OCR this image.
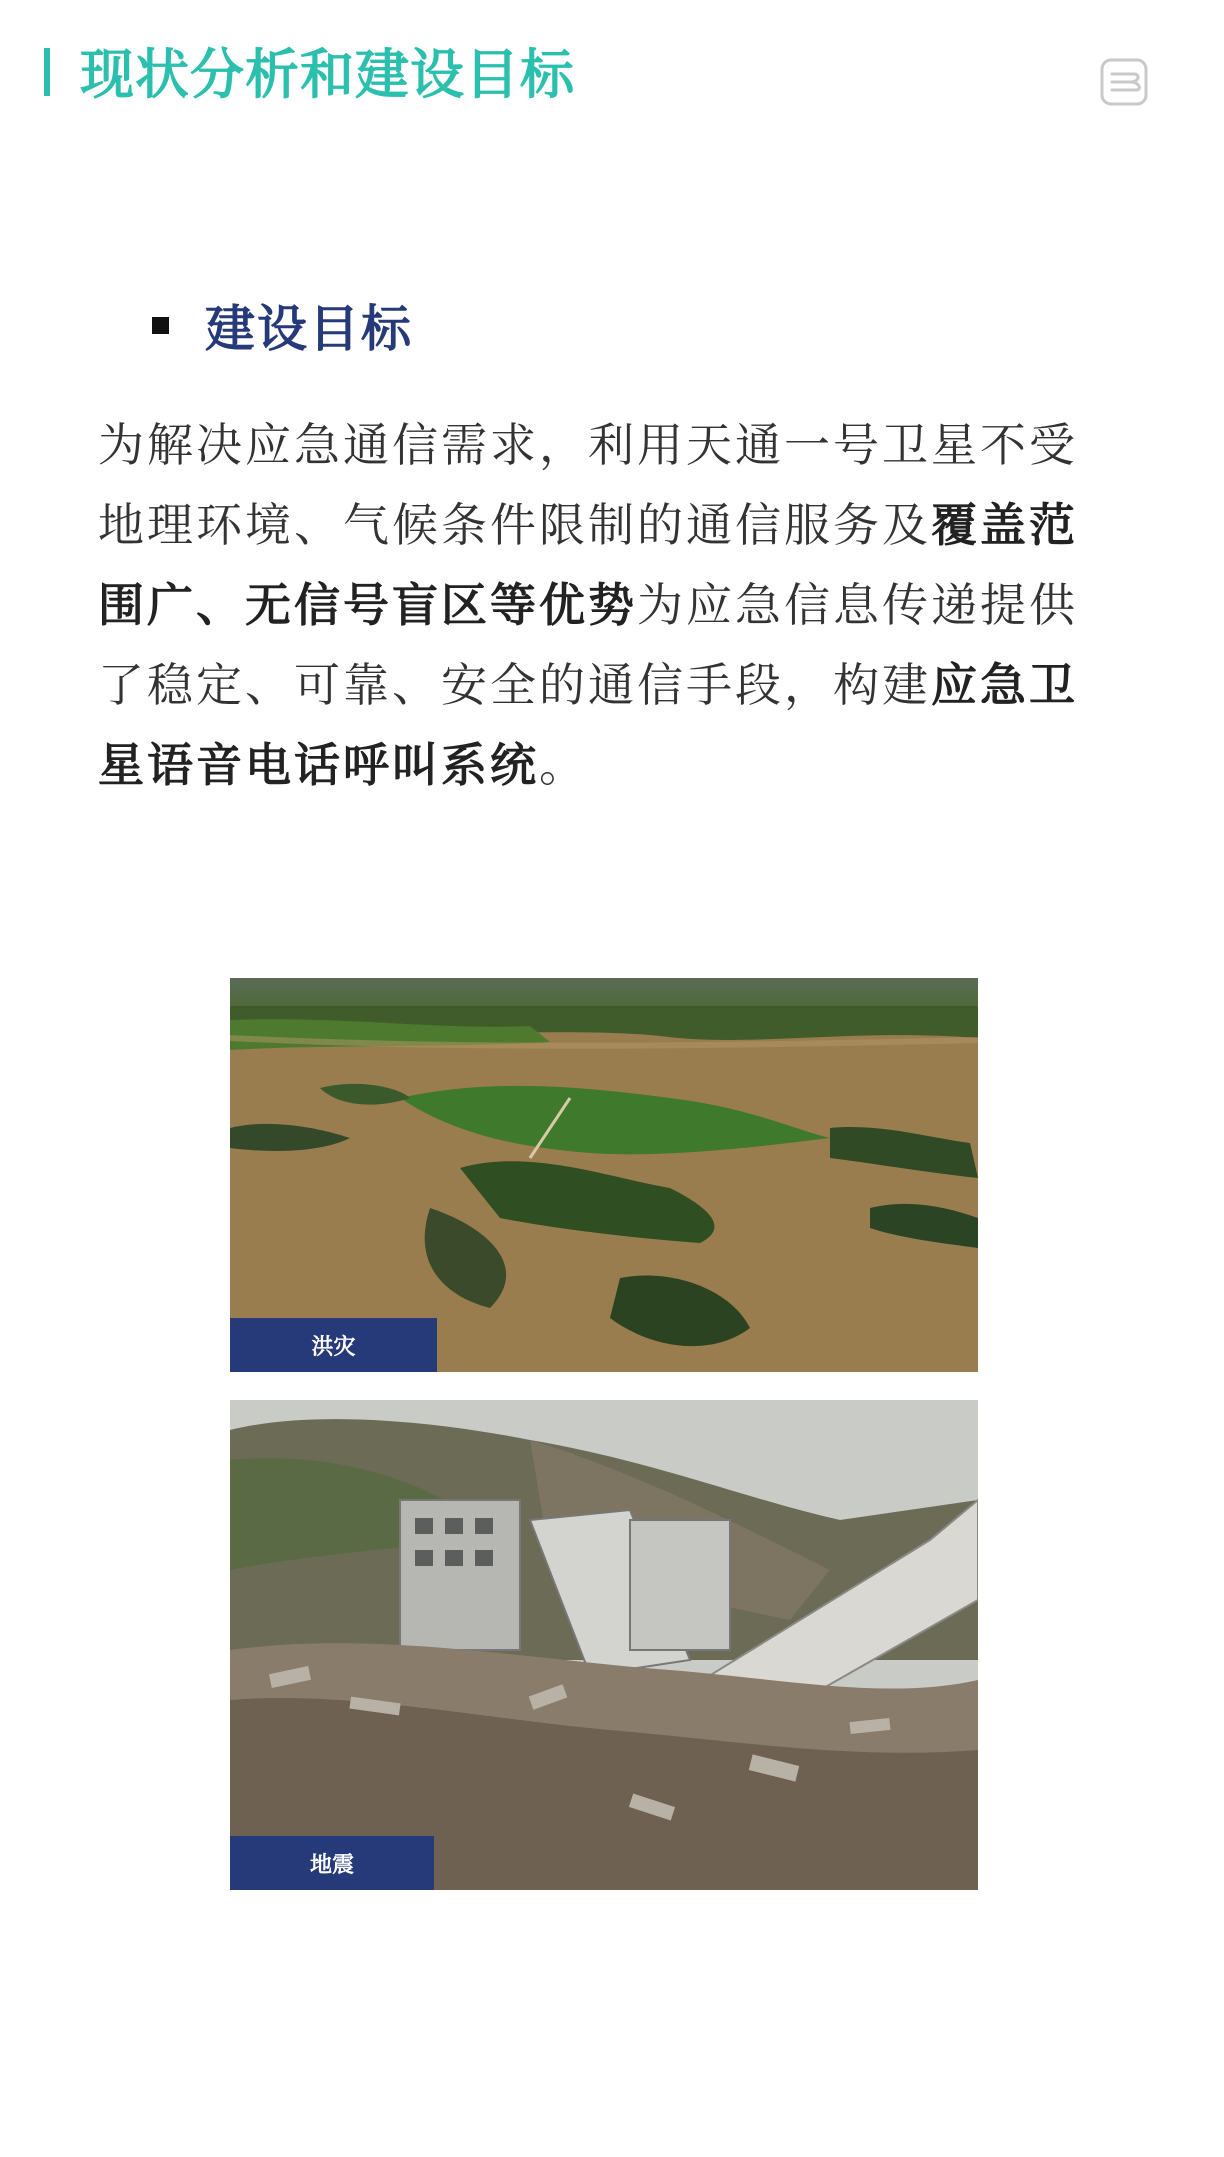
现状分析和建设目标
建设目标

为解决应急通信需求，利用天通一号卫星不受地理环境、气候条件限制的通信服务及覆盖范围广、无信号盲区等优势为应急信息传递提供了稳定、可靠、安全的通信手段，构建应急卫星语音电话呼叫系统。

洪灾
地震
